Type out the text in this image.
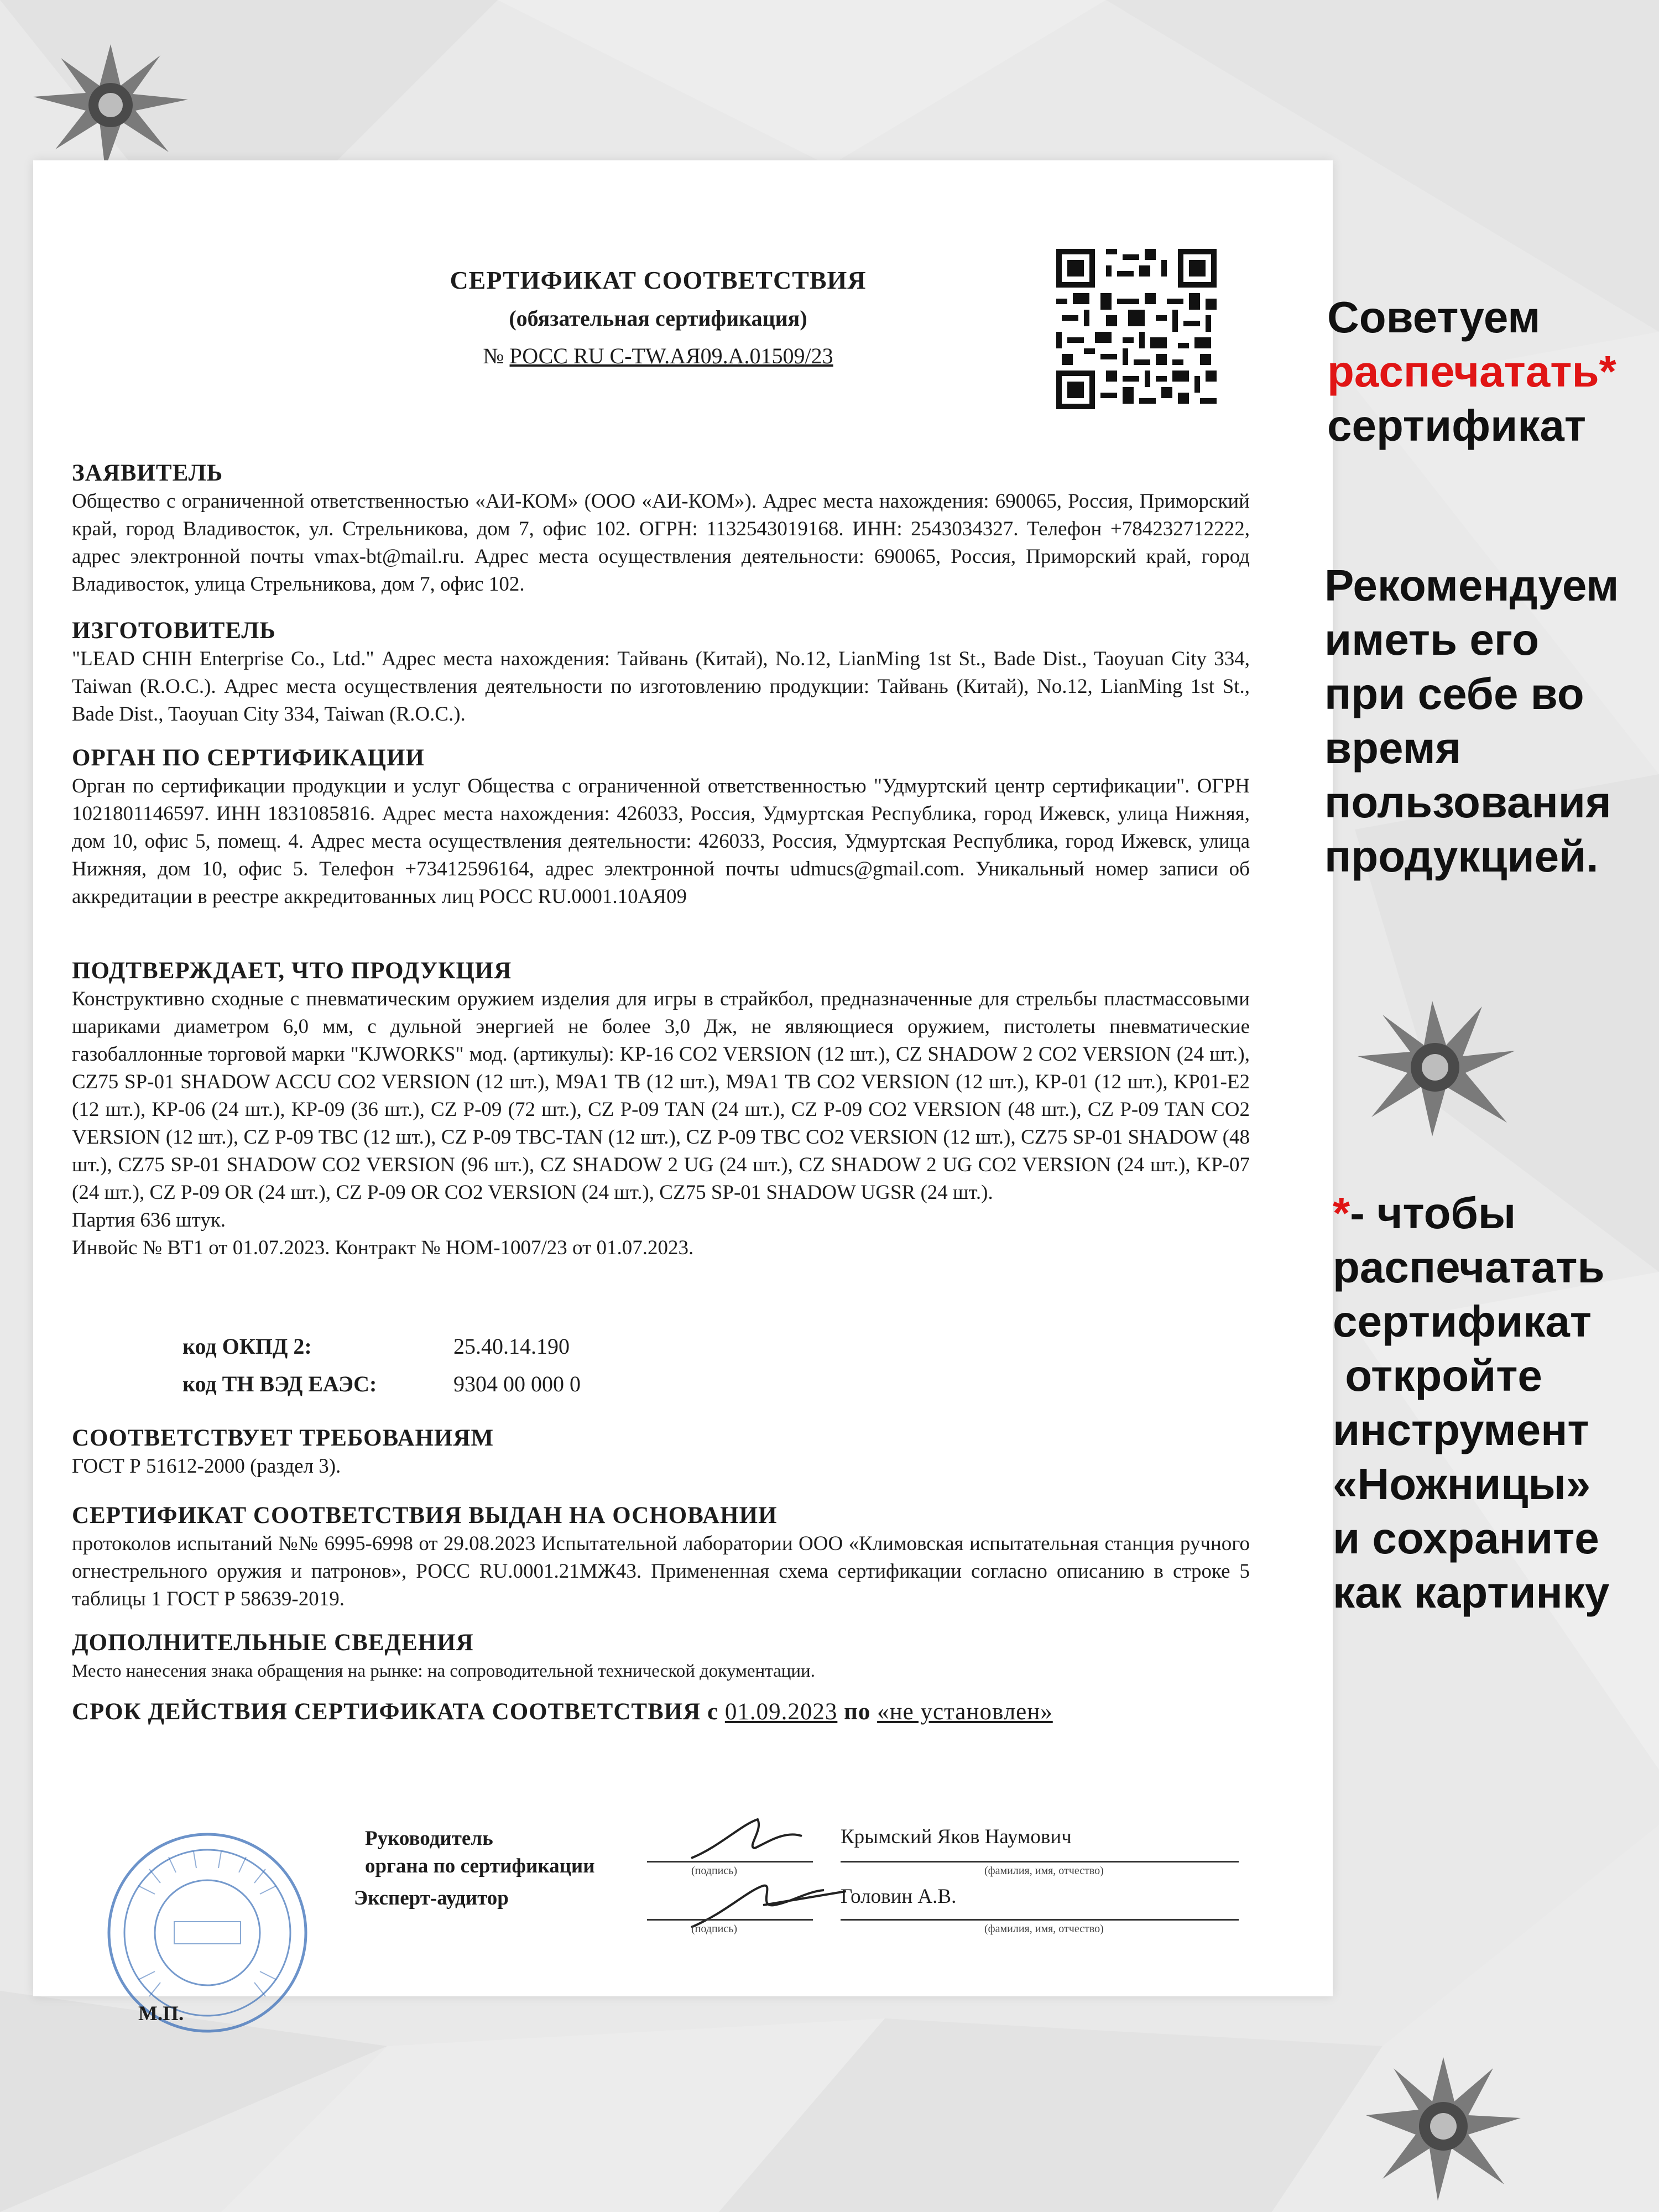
СЕРТИФИКАТ СООТВЕТСТВИЯ
(обязательная сертификация)
№ РОСС RU C-TW.АЯ09.А.01509/23
ЗАЯВИТЕЛЬ
Общество с ограниченной ответственностью «АИ-КОМ» (ООО «АИ-КОМ»). Адрес места нахождения: 690065, Россия, Приморский край, город Владивосток, ул. Стрельникова, дом 7, офис 102. ОГРН: 1132543019168. ИНН: 2543034327. Телефон +784232712222, адрес электронной почты vmax-bt@mail.ru. Адрес места осуществления деятельности: 690065, Россия, Приморский край, город Владивосток, улица Стрельникова, дом 7, офис 102.
ИЗГОТОВИТЕЛЬ
"LEAD CHIH Enterprise Co., Ltd." Адрес места нахождения: Тайвань (Китай), No.12, LianMing 1st St., Bade Dist., Taoyuan City 334, Taiwan (R.O.C.). Адрес места осуществления деятельности по изготовлению продукции: Тайвань (Китай), No.12, LianMing 1st St., Bade Dist., Taoyuan City 334, Taiwan (R.O.C.).
ОРГАН ПО СЕРТИФИКАЦИИ
Орган по сертификации продукции и услуг Общества с ограниченной ответственностью "Удмуртский центр сертификации". ОГРН 1021801146597. ИНН 1831085816. Адрес места нахождения: 426033, Россия, Удмуртская Республика, город Ижевск, улица Нижняя, дом 10, офис 5, помещ. 4. Адрес места осуществления деятельности: 426033, Россия, Удмуртская Республика, город Ижевск, улица Нижняя, дом 10, офис 5. Телефон +73412596164, адрес электронной почты udmucs@gmail.com. Уникальный номер записи об аккредитации в реестре аккредитованных лиц РОСС RU.0001.10АЯ09
ПОДТВЕРЖДАЕТ, ЧТО ПРОДУКЦИЯ
Конструктивно сходные с пневматическим оружием изделия для игры в страйкбол, предназначенные для стрельбы пластмассовыми шариками диаметром 6,0 мм, с дульной энергией не более 3,0 Дж, не являющиеся оружием, пистолеты пневматические газобаллонные торговой марки "KJWORKS" мод. (артикулы): KP-16 CO2 VERSION (12 шт.), CZ SHADOW 2 CO2 VERSION (24 шт.), CZ75 SP-01 SHADOW ACCU CO2 VERSION (12 шт.), M9A1 TB (12 шт.), M9A1 TB CO2 VERSION (12 шт.), KP-01 (12 шт.), KP01-E2 (12 шт.), KP-06 (24 шт.), KP-09 (36 шт.), CZ P-09 (72 шт.), CZ P-09 TAN (24 шт.), CZ P-09 CO2 VERSION (48 шт.), CZ P-09 TAN CO2 VERSION (12 шт.), CZ P-09 TBC (12 шт.), CZ P-09 TBC-TAN (12 шт.), CZ P-09 TBC CO2 VERSION (12 шт.), CZ75 SP-01 SHADOW (48 шт.), CZ75 SP-01 SHADOW CO2 VERSION (96 шт.), CZ SHADOW 2 UG (24 шт.), CZ SHADOW 2 UG CO2 VERSION (24 шт.), KP-07 (24 шт.), CZ P-09 OR (24 шт.), CZ P-09 OR CO2 VERSION (24 шт.), CZ75 SP-01 SHADOW UGSR (24 шт.).
Партия 636 штук.
Инвойс № BT1 от 01.07.2023. Контракт № HOM-1007/23 от 01.07.2023.
код ОКПД 2:	25.40.14.190
код ТН ВЭД ЕАЭС:	9304 00 000 0
СООТВЕТСТВУЕТ ТРЕБОВАНИЯМ
ГОСТ Р 51612-2000 (раздел 3).
СЕРТИФИКАТ СООТВЕТСТВИЯ ВЫДАН НА ОСНОВАНИИ
протоколов испытаний №№ 6995-6998 от 29.08.2023 Испытательной лаборатории ООО «Климовская испытательная станция ручного огнестрельного оружия и патронов», РОСС RU.0001.21МЖ43. Примененная схема сертификации согласно описанию в строке 5 таблицы 1 ГОСТ Р 58639-2019.
ДОПОЛНИТЕЛЬНЫЕ СВЕДЕНИЯ
Место нанесения знака обращения на рынке: на сопроводительной технической документации.
СРОК ДЕЙСТВИЯ СЕРТИФИКАТА СООТВЕТСТВИЯ с 01.09.2023 по «не установлен»
М.П.
Руководитель
органа по сертификации
Эксперт-аудитор
(подпись)
Крымский Яков Наумович
(фамилия, имя, отчество)
(подпись)
Головин А.В.
(фамилия, имя, отчество)
Советуем
распечатать*
сертификат
Рекомендуем
иметь его
при себе во
время
пользования
продукцией.
*- чтобы
распечатать
сертификат
откройте
инструмент
«Ножницы»
и сохраните
как картинку
